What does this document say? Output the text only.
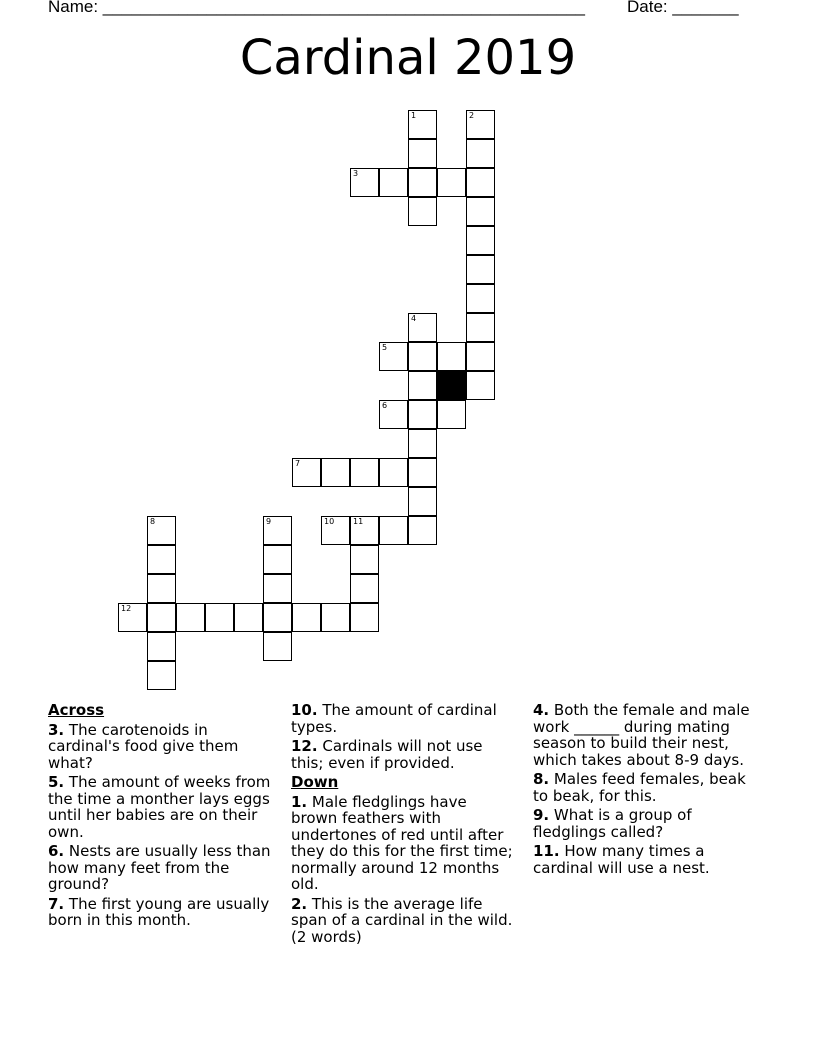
Name: ___________________________________________________ Date: _______
Cardinal 2019
1	2
3
4
5
6
7
8	9	10 11
12
Across
3. The carotenoids in cardinal's food give them what?
5. The amount of weeks from the time a monther lays eggs until her babies are on their own.
6. Nests are usually less than how many feet from the ground?
7. The first young are usually born in this month.
10. The amount of cardinal types.
12. Cardinals will not use this; even if provided.
Down
1. Male fledglings have brown feathers with undertones of red until after they do this for the first time; normally around 12 months old.
2. This is the average life span of a cardinal in the wild. (2 words)
4. Both the female and male work ______ during mating season to build their nest, which takes about 8-9 days.
8. Males feed females, beak to beak, for this.
9. What is a group of fledglings called?
11. How many times a cardinal will use a nest.
